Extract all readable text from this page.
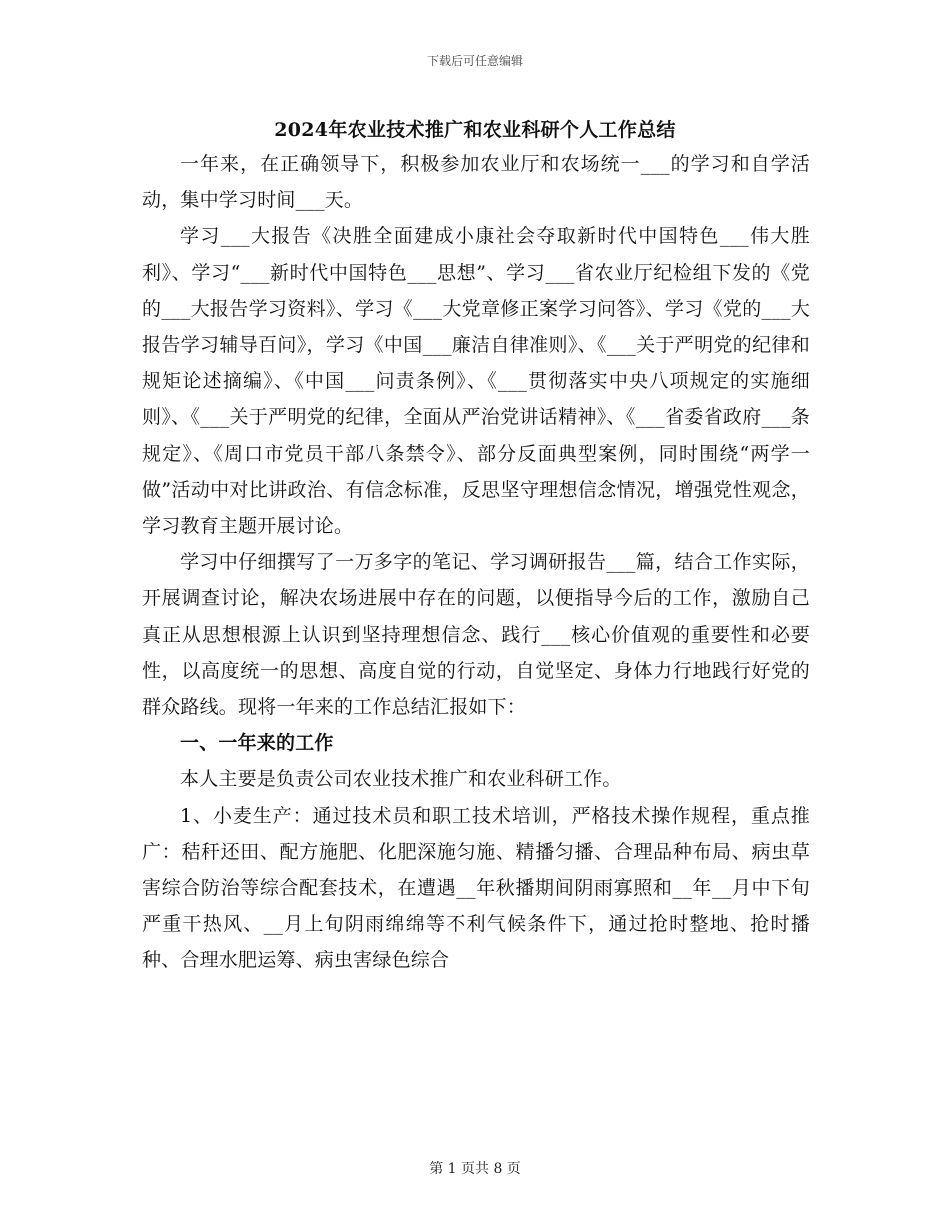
下载后可任意编辑
2024年农业技术推广和农业科研个人工作总结

一年来，在正确领导下，积极参加农业厅和农场统一___的学习和自学活动，集中学习时间___天。

学习___大报告《决胜全面建成小康社会夺取新时代中国特色___伟大胜利》、学习“___新时代中国特色___思想”、学习___省农业厅纪检组下发的《党的___大报告学习资料》、学习《___大党章修正案学习问答》、学习《党的___大报告学习辅导百问》，学习《中国___廉洁自律准则》、《___关于严明党的纪律和规矩论述摘编》、《中国___问责条例》、《___贯彻落实中央八项规定的实施细则》、《___关于严明党的纪律，全面从严治党讲话精神》、《___省委省政府___条规定》、《周口市党员干部八条禁令》、部分反面典型案例，同时围绕“两学一做”活动中对比讲政治、有信念标准，反思坚守理想信念情况，增强党性观念，学习教育主题开展讨论。

学习中仔细撰写了一万多字的笔记、学习调研报告___篇，结合工作实际，开展调查讨论，解决农场进展中存在的问题，以便指导今后的工作，激励自己真正从思想根源上认识到坚持理想信念、践行___核心价值观的重要性和必要性，以高度统一的思想、高度自觉的行动，自觉坚定、身体力行地践行好党的群众路线。现将一年来的工作总结汇报如下：

一、一年来的工作

本人主要是负责公司农业技术推广和农业科研工作。

1、小麦生产：通过技术员和职工技术培训，严格技术操作规程，重点推广：秸秆还田、配方施肥、化肥深施匀施、精播匀播、合理品种布局、病虫草害综合防治等综合配套技术，在遭遇__年秋播期间阴雨寡照和__年__月中下旬严重干热风、__月上旬阴雨绵绵等不利气候条件下，通过抢时整地、抢时播种、合理水肥运筹、病虫害绿色综合

第 1 页共 8 页
